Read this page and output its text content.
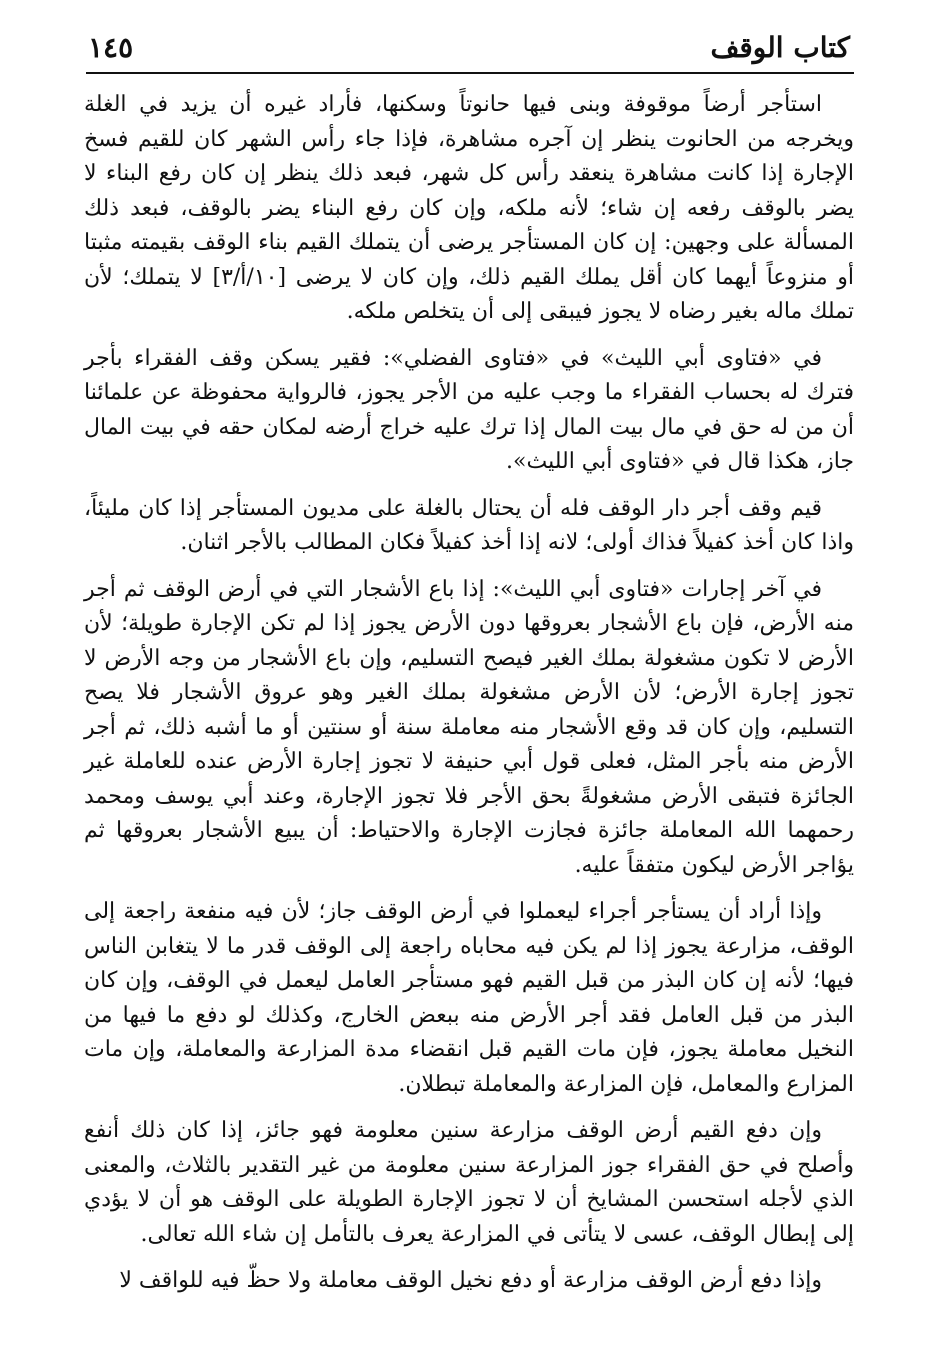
كتاب الوقف
١٤٥

استأجر أرضاً موقوفة وبنى فيها حانوتاً وسكنها، فأراد غيره أن يزيد في الغلة ويخرجه من الحانوت ينظر إن آجره مشاهرة، فإذا جاء رأس الشهر كان للقيم فسخ الإجارة إذا كانت مشاهرة ينعقد رأس كل شهر، فبعد ذلك ينظر إن كان رفع البناء لا يضر بالوقف رفعه إن شاء؛ لأنه ملكه، وإن كان رفع البناء يضر بالوقف، فبعد ذلك المسألة على وجهين: إن كان المستأجر يرضى أن يتملك القيم بناء الوقف بقيمته مثبتا أو منزوعاً أيهما كان أقل يملك القيم ذلك، وإن كان لا يرضى [١٠/أ/٣] لا يتملك؛ لأن تملك ماله بغير رضاه لا يجوز فيبقى إلى أن يتخلص ملكه.

في «فتاوى أبي الليث» في «فتاوى الفضلي»: فقير يسكن وقف الفقراء بأجر فترك له بحساب الفقراء ما وجب عليه من الأجر يجوز، فالرواية محفوظة عن علمائنا أن من له حق في مال بيت المال إذا ترك عليه خراج أرضه لمكان حقه في بيت المال جاز، هكذا قال في «فتاوى أبي الليث».

قيم وقف أجر دار الوقف فله أن يحتال بالغلة على مديون المستأجر إذا كان مليئاً، واذا كان أخذ كفيلاً فذاك أولى؛ لانه إذا أخذ كفيلاً فكان المطالب بالأجر اثنان.

في آخر إجارات «فتاوى أبي الليث»: إذا باع الأشجار التي في أرض الوقف ثم أجر منه الأرض، فإن باع الأشجار بعروقها دون الأرض يجوز إذا لم تكن الإجارة طويلة؛ لأن الأرض لا تكون مشغولة بملك الغير فيصح التسليم، وإن باع الأشجار من وجه الأرض لا تجوز إجارة الأرض؛ لأن الأرض مشغولة بملك الغير وهو عروق الأشجار فلا يصح التسليم، وإن كان قد وقع الأشجار منه معاملة سنة أو سنتين أو ما أشبه ذلك، ثم أجر الأرض منه بأجر المثل، فعلى قول أبي حنيفة لا تجوز إجارة الأرض عنده للعاملة غير الجائزة فتبقى الأرض مشغولةً بحق الأجر فلا تجوز الإجارة، وعند أبي يوسف ومحمد رحمهما الله المعاملة جائزة فجازت الإجارة والاحتياط: أن يبيع الأشجار بعروقها ثم يؤاجر الأرض ليكون متفقاً عليه.

وإذا أراد أن يستأجر أجراء ليعملوا في أرض الوقف جاز؛ لأن فيه منفعة راجعة إلى الوقف، مزارعة يجوز إذا لم يكن فيه محاباه راجعة إلى الوقف قدر ما لا يتغابن الناس فيها؛ لأنه إن كان البذر من قبل القيم فهو مستأجر العامل ليعمل في الوقف، وإن كان البذر من قبل العامل فقد أجر الأرض منه ببعض الخارج، وكذلك لو دفع ما فيها من النخيل معاملة يجوز، فإن مات القيم قبل انقضاء مدة المزارعة والمعاملة، وإن مات المزارع والمعامل، فإن المزارعة والمعاملة تبطلان.

وإن دفع القيم أرض الوقف مزارعة سنين معلومة فهو جائز، إذا كان ذلك أنفع وأصلح في حق الفقراء جوز المزارعة سنين معلومة من غير التقدير بالثلاث، والمعنى الذي لأجله استحسن المشايخ أن لا تجوز الإجارة الطويلة على الوقف هو أن لا يؤدي إلى إبطال الوقف، عسى لا يتأتى في المزارعة يعرف بالتأمل إن شاء الله تعالى.

وإذا دفع أرض الوقف مزارعة أو دفع نخيل الوقف معاملة ولا حظّ فيه للواقف لا
